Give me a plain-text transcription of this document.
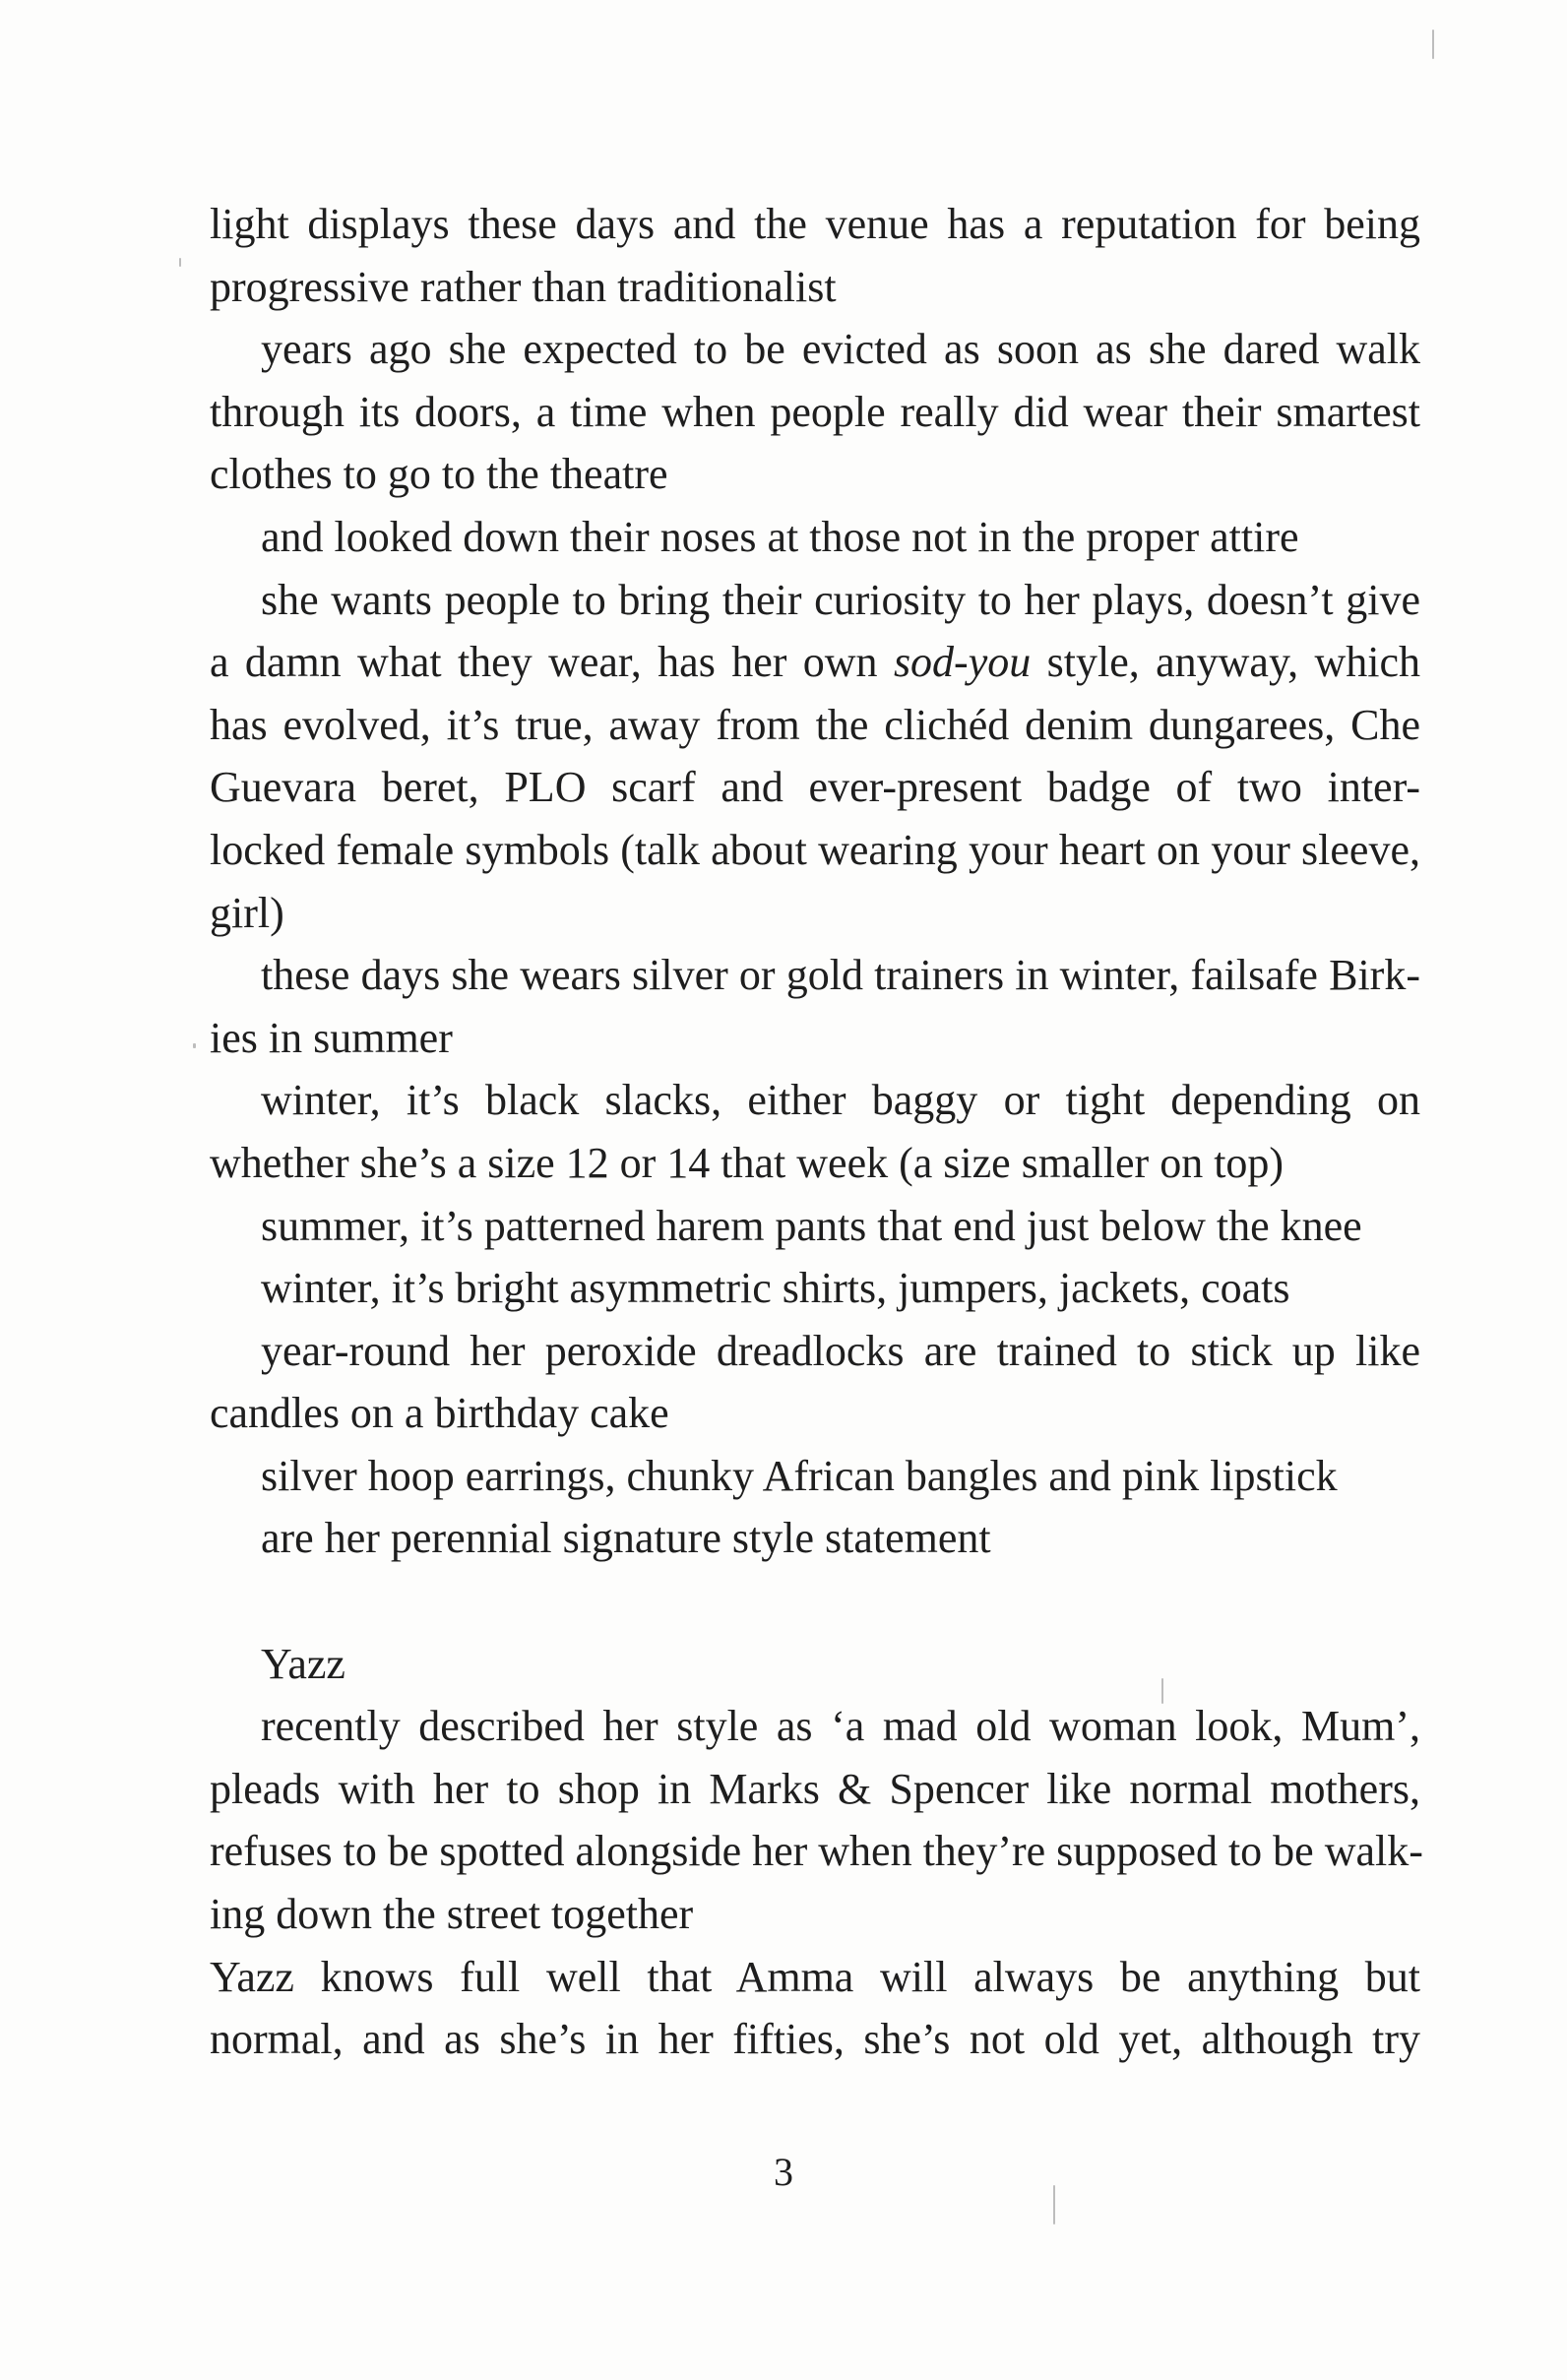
light displays these days and the venue has a reputation for being
progressive rather than traditionalist
years ago she expected to be evicted as soon as she dared walk
through its doors, a time when people really did wear their smartest
clothes to go to the theatre
and looked down their noses at those not in the proper attire
she wants people to bring their curiosity to her plays, doesn’t give
a damn what they wear, has her own sod-you style, anyway, which
has evolved, it’s true, away from the clichéd denim dungarees, Che
Guevara beret, PLO scarf and ever-present badge of two inter-
locked female symbols (talk about wearing your heart on your sleeve,
girl)
these days she wears silver or gold trainers in winter, failsafe Birk-
ies in summer
winter, it’s black slacks, either baggy or tight depending on
whether she’s a size 12 or 14 that week (a size smaller on top)
summer, it’s patterned harem pants that end just below the knee
winter, it’s bright asymmetric shirts, jumpers, jackets, coats
year-round her peroxide dreadlocks are trained to stick up like
candles on a birthday cake
silver hoop earrings, chunky African bangles and pink lipstick
are her perennial signature style statement
Yazz
recently described her style as ‘a mad old woman look, Mum’,
pleads with her to shop in Marks & Spencer like normal mothers,
refuses to be spotted alongside her when they’re supposed to be walk-
ing down the street together
Yazz knows full well that Amma will always be anything but
normal, and as she’s in her fifties, she’s not old yet, although try
3
